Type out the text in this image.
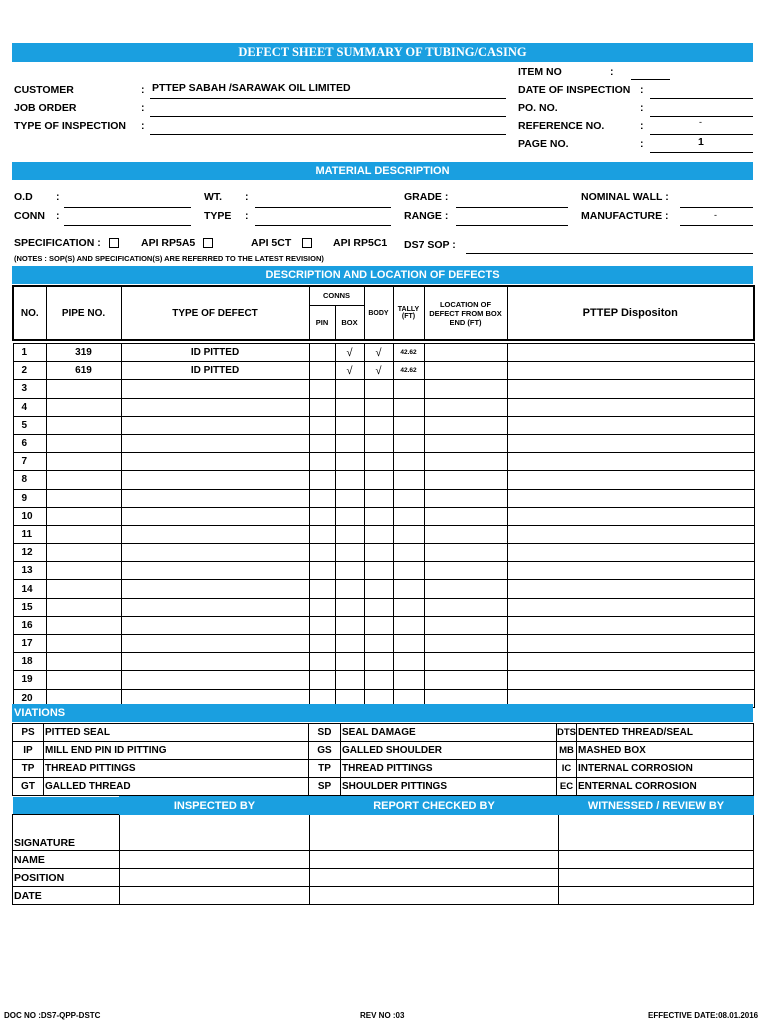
DEFECT SHEET SUMMARY OF TUBING/CASING
CUSTOMER	: PTTEP SABAH /SARAWAK OIL LIMITED
JOB ORDER	:
TYPE OF INSPECTION :
ITEM NO	:
DATE OF INSPECTION :
PO. NO.	:
REFERENCE NO.	:	-
PAGE NO.	:	1
MATERIAL DESCRIPTION
O.D :
CONN :
WT. :
TYPE :
GRADE :
RANGE :
NOMINAL WALL :
MANUFACTURE :	-
SPECIFICATION :	API RP5A5	API 5CT	API RP5C1 DS7 SOP :
(NOTES : SOP(S) AND SPECIFICATION(S) ARE REFERRED TO THE LATEST REVISION)
DESCRIPTION AND LOCATION OF DEFECTS
NO.	PIPE NO.	TYPE OF DEFECT	CONNS		BODY	TALLY (FT)	LOCATION OF DEFECT FROM BOX END (FT)	PTTEP Dispositon
			PIN	BOX				

1	319	ID PITTED		√	√	42.62		
2	619	ID PITTED		√	√	42.62		
3								
4								
5								
6								
7								
8								
9								
10								
11								
12								
13								
14								
15								
16								
17								
18								
19								
20								
VIATIONS
PS	PITTED SEAL	SD	SEAL DAMAGE	DTS	DENTED THREAD/SEAL
IP	MILL END PIN ID PITTING	GS	GALLED SHOULDER	MB	MASHED BOX
TP	THREAD PITTINGS	TP	THREAD PITTINGS	IC	INTERNAL CORROSION
GT	GALLED THREAD	SP	SHOULDER PITTINGS	EC	ENTERNAL CORROSION
	INSPECTED BY	REPORT CHECKED BY	WITNESSED / REVIEW BY
SIGNATURE			
NAME			
POSITION			
DATE			
DOC NO :DS7-QPP-DSTC	REV NO :03	EFFECTIVE DATE:08.01.2016
